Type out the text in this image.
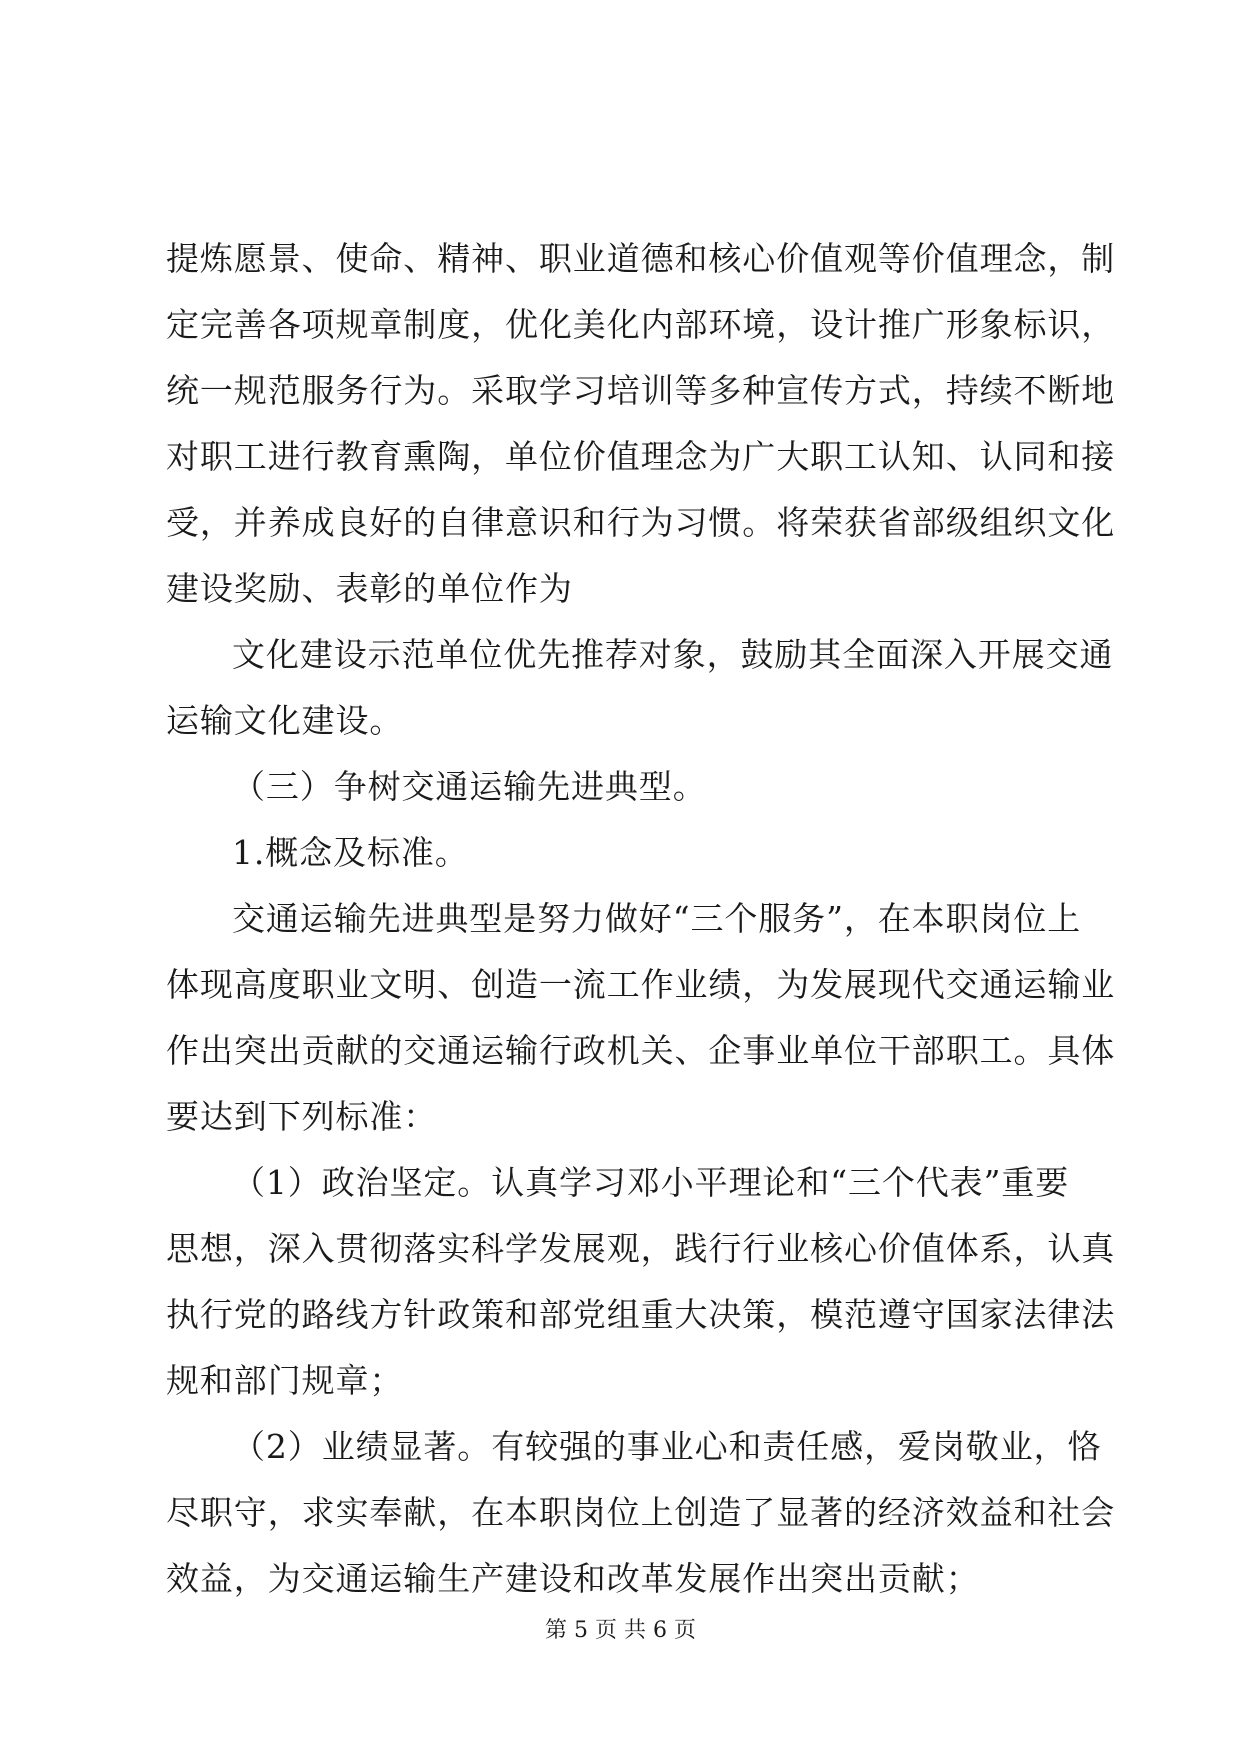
提炼愿景、使命、精神、职业道德和核心价值观等价值理念，制
定完善各项规章制度，优化美化内部环境，设计推广形象标识，
统一规范服务行为。采取学习培训等多种宣传方式，持续不断地
对职工进行教育熏陶，单位价值理念为广大职工认知、认同和接
受，并养成良好的自律意识和行为习惯。将荣获省部级组织文化
建设奖励、表彰的单位作为
文化建设示范单位优先推荐对象，鼓励其全面深入开展交通
运输文化建设。
（三）争树交通运输先进典型。
1.概念及标准。
交通运输先进典型是努力做好“三个服务”，在本职岗位上
体现高度职业文明、创造一流工作业绩，为发展现代交通运输业
作出突出贡献的交通运输行政机关、企事业单位干部职工。具体
要达到下列标准：
（1）政治坚定。认真学习邓小平理论和“三个代表”重要
思想，深入贯彻落实科学发展观，践行行业核心价值体系，认真
执行党的路线方针政策和部党组重大决策，模范遵守国家法律法
规和部门规章；
（2）业绩显著。有较强的事业心和责任感，爱岗敬业，恪
尽职守，求实奉献，在本职岗位上创造了显著的经济效益和社会
效益，为交通运输生产建设和改革发展作出突出贡献；
第 5 页 共 6 页
